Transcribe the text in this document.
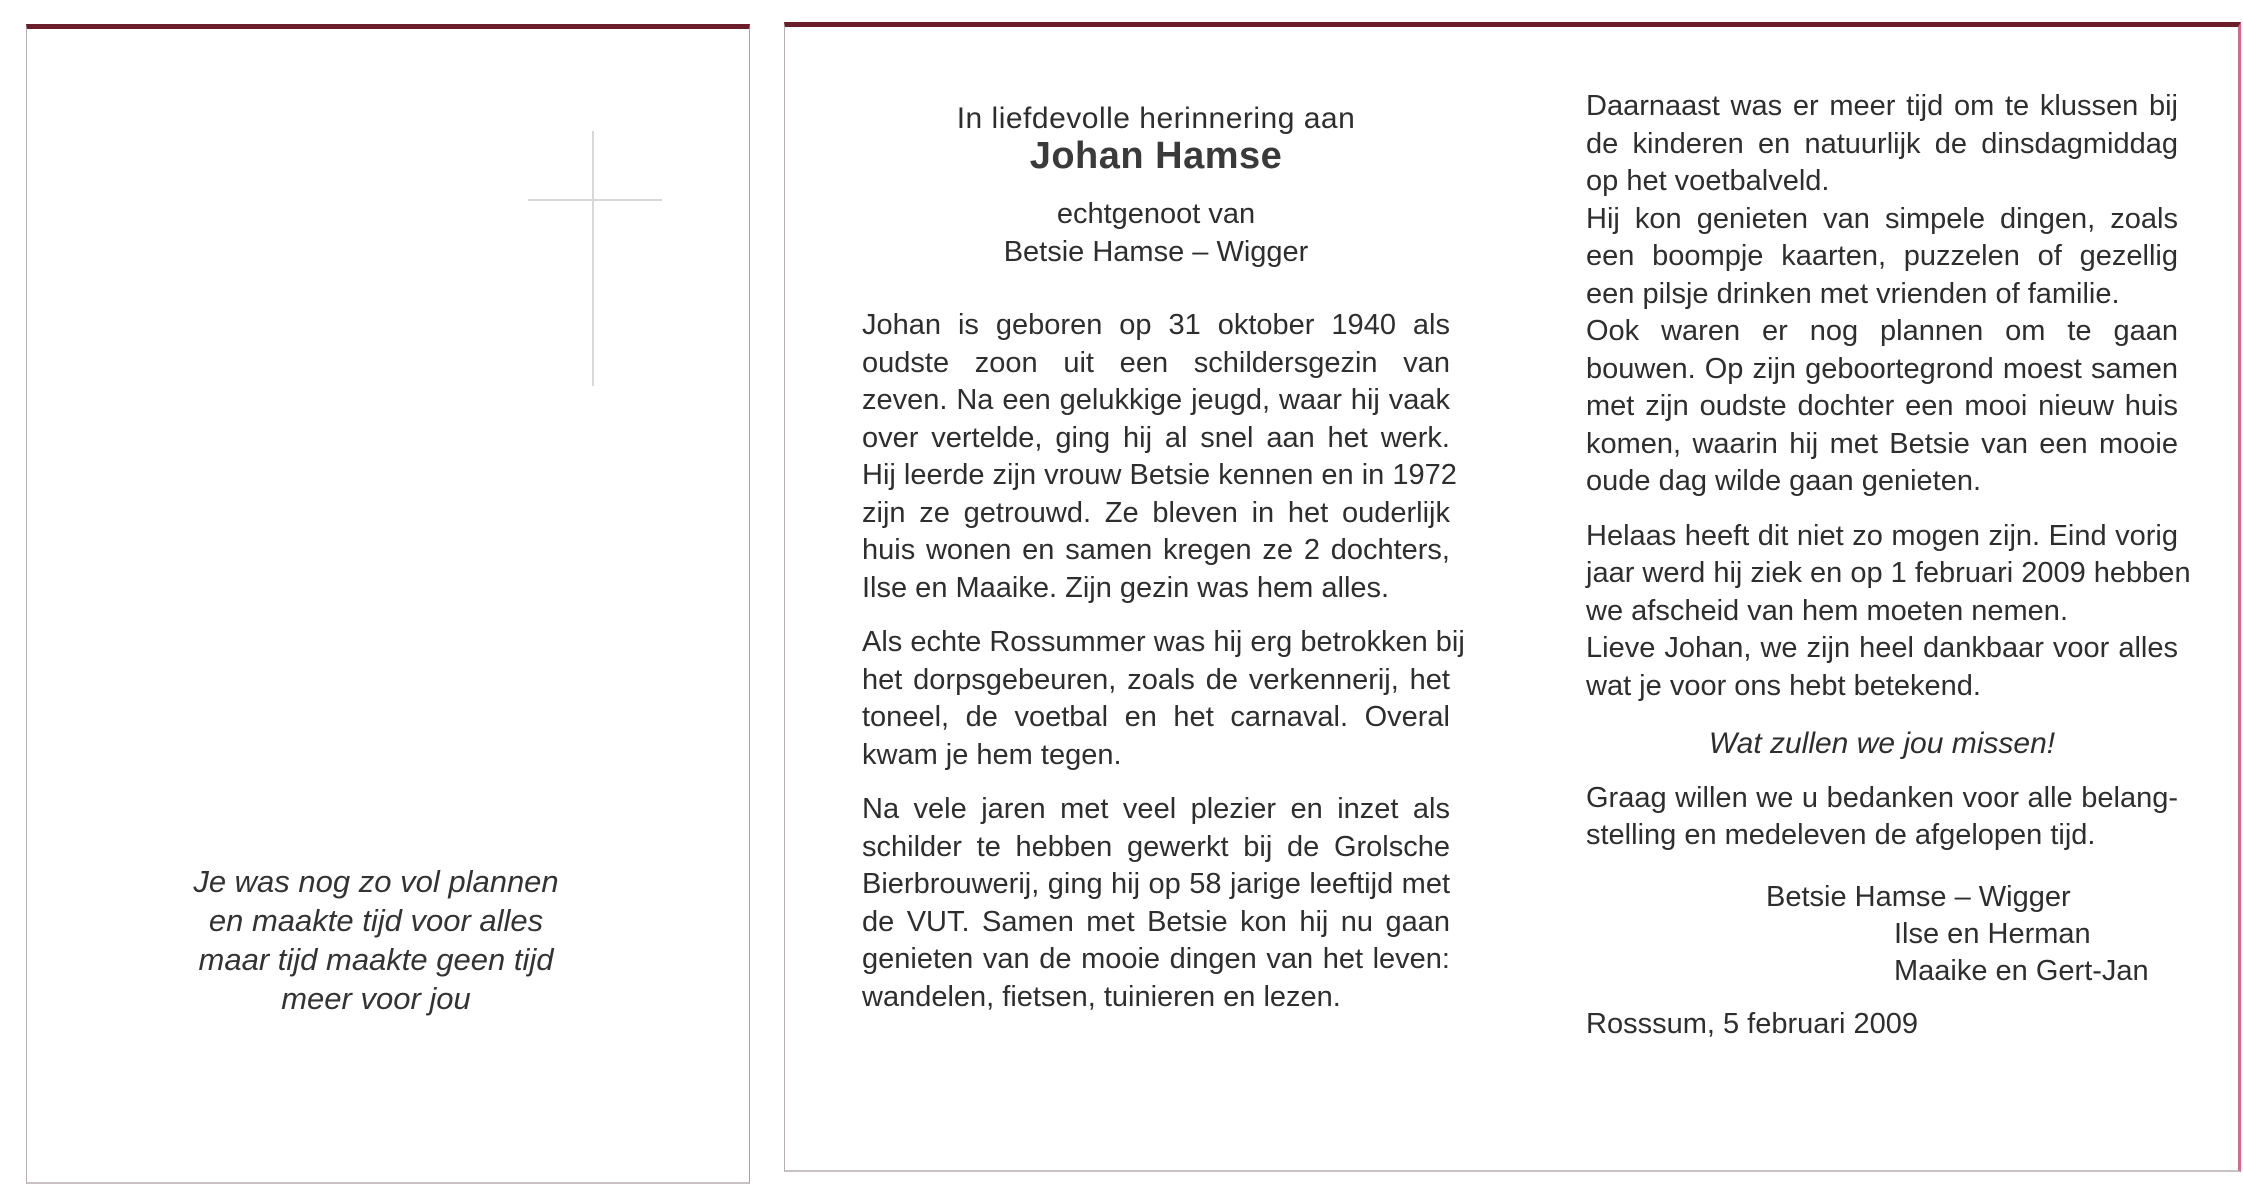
Je was nog zo vol plannen
en maakte tijd voor alles
maar tijd maakte geen tijd
meer voor jou

In liefdevolle herinnering aan

Johan Hamse

echtgenoot van
Betsie Hamse – Wigger

Johan is geboren op 31 oktober 1940 als
oudste zoon uit een schildersgezin van
zeven. Na een gelukkige jeugd, waar hij vaak
over vertelde, ging hij al snel aan het werk.
Hij leerde zijn vrouw Betsie kennen en in 1972
zijn ze getrouwd. Ze bleven in het ouderlijk
huis wonen en samen kregen ze 2 dochters,
Ilse en Maaike. Zijn gezin was hem alles.

Als echte Rossummer was hij erg betrokken bij
het dorpsgebeuren, zoals de verkennerij, het
toneel, de voetbal en het carnaval. Overal
kwam je hem tegen.

Na vele jaren met veel plezier en inzet als
schilder te hebben gewerkt bij de Grolsche
Bierbrouwerij, ging hij op 58 jarige leeftijd met
de VUT. Samen met Betsie kon hij nu gaan
genieten van de mooie dingen van het leven:
wandelen, fietsen, tuinieren en lezen.

Daarnaast was er meer tijd om te klussen bij
de kinderen en natuurlijk de dinsdagmiddag
op het voetbalveld.
Hij kon genieten van simpele dingen, zoals
een boompje kaarten, puzzelen of gezellig
een pilsje drinken met vrienden of familie.
Ook waren er nog plannen om te gaan
bouwen. Op zijn geboortegrond moest samen
met zijn oudste dochter een mooi nieuw huis
komen, waarin hij met Betsie van een mooie
oude dag wilde gaan genieten.

Helaas heeft dit niet zo mogen zijn. Eind vorig
jaar werd hij ziek en op 1 februari 2009 hebben
we afscheid van hem moeten nemen.
Lieve Johan, we zijn heel dankbaar voor alles
wat je voor ons hebt betekend.

Wat zullen we jou missen!

Graag willen we u bedanken voor alle belang-
stelling en medeleven de afgelopen tijd.

Betsie Hamse – Wigger
Ilse en Herman
Maaike en Gert-Jan

Rosssum, 5 februari 2009
